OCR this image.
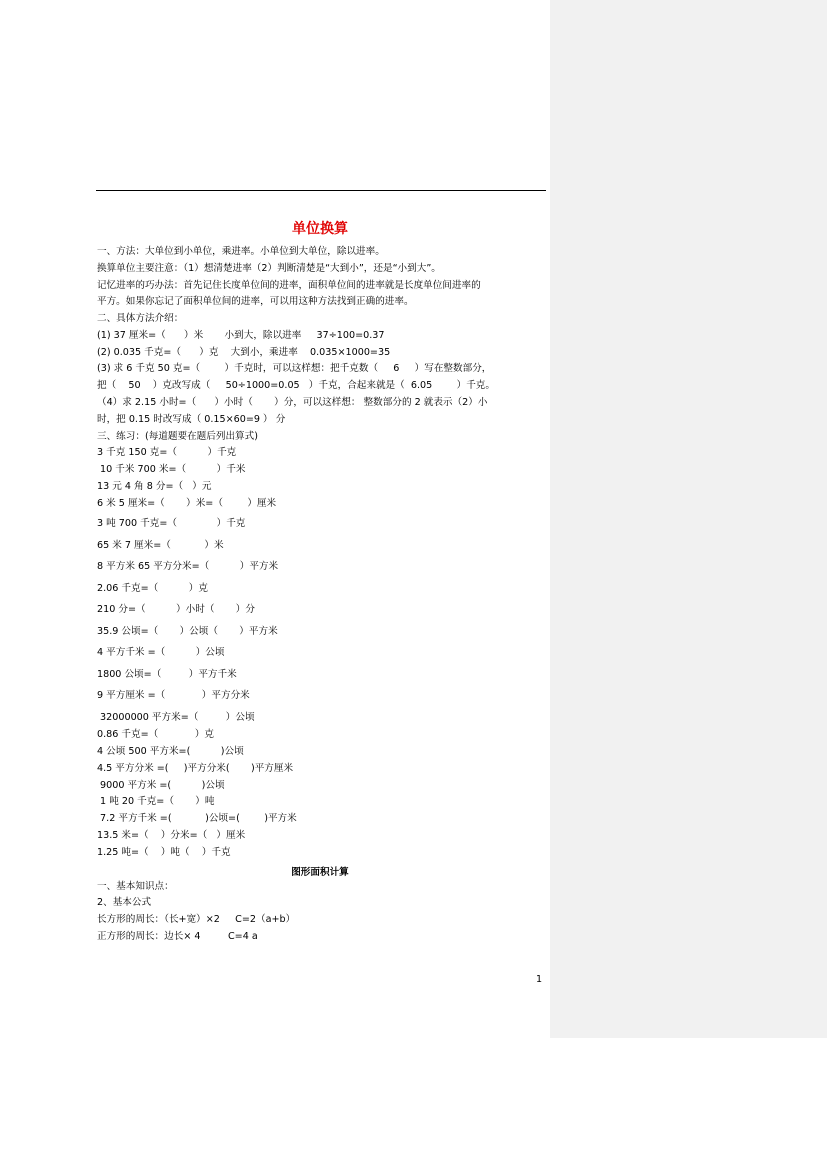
单位换算
一、方法：大单位到小单位，乘进率。小单位到大单位，除以进率。
换算单位主要注意：（1）想清楚进率（2）判断清楚是“大到小”，还是“小到大”。
记忆进率的巧办法：首先记住长度单位间的进率，面积单位间的进率就是长度单位间进率的
平方。如果你忘记了面积单位间的进率，可以用这种方法找到正确的进率。
二、具体方法介绍：
(1) 37 厘米=（      ）米       小到大，除以进率     37÷100=0.37
(2) 0.035 千克=（      ）克    大到小，乘进率    0.035×1000=35
(3) 求 6 千克 50 克=（        ）千克时，可以这样想：把千克数（     6     ）写在整数部分，
把（    50    ）克改写成（     50÷1000=0.05   ）千克，合起来就是（  6.05        ）千克。
（4）求 2.15 小时=（      ）小时（       ）分，可以这样想： 整数部分的 2 就表示（2）小
时，把 0.15 时改写成（ 0.15×60=9 ） 分
三、练习：(每道题要在题后列出算式)
3 千克 150 克=（          ）千克
10 千米 700 米=（          ）千米
13 元 4 角 8 分=（   ）元
6 米 5 厘米=（       ）米=（        ）厘米
3 吨 700 千克=（             ）千克
65 米 7 厘米=（           ）米
8 平方米 65 平方分米=（          ）平方米
2.06 千克=（          ）克
210 分=（          ）小时（       ）分
35.9 公顷=（       ）公顷（       ）平方米
4 平方千米 =（          ）公顷
1800 公顷=（         ）平方千米
9 平方厘米 =（            ）平方分米
32000000 平方米=（         ）公顷
0.86 千克=（            ）克
4 公顷 500 平方米=(          )公顷
4.5 平方分米 =(     )平方分米(       )平方厘米
9000 平方米 =(          )公顷
1 吨 20 千克=（       ）吨
7.2 平方千米 =(           )公顷=(        )平方米
13.5 米=（    ）分米=（   ）厘米
1.25 吨=（    ）吨（    ）千克
图形面积计算
一、基本知识点：
2、基本公式
长方形的周长：（长+宽）×2     C=2（a+b）
正方形的周长：边长× 4         C=4 a
1
